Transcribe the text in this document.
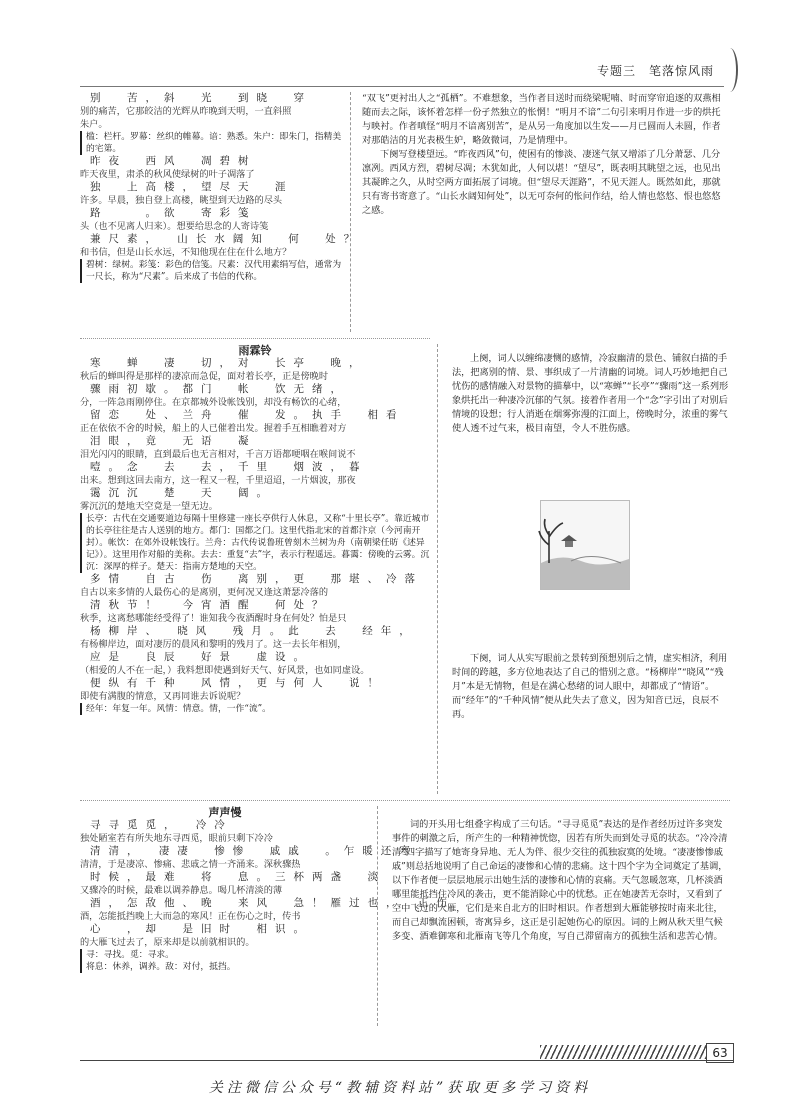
专题三　笔落惊风雨

别　苦，斜　光　到晓　穿

别的痛苦，它那皎洁的光辉从昨晚到天明，一直斜照

朱户。

槛：栏杆。罗幕：丝织的帷幕。谙：熟悉。朱户：即朱门，指精美的宅第。

昨夜　西风　凋碧树

昨天夜里，肃杀的秋风使绿树的叶子凋落了

独　上高楼，望尽天　涯

许多。早晨，独自登上高楼，眺望到天边路的尽头

路　　。欲　寄彩笺

头（也不见离人归来）。想要给思念的人寄诗笺

兼尺素，　山长水阔知　何　处？

和书信，但是山长水远，不知他现在住在什么地方？

碧树：绿树。彩笺：彩色的信笺。尺素：汉代用素绢写信，通常为一尺长，称为“尺素”。后来成了书信的代称。

“双飞”更衬出人之“孤栖”。不难想象，当作者目送时而绕梁呢喃、时而穿帘追逐的双燕相随而去之际，该怀着怎样一份孑然独立的怅惘！“明月不谙”二句引来明月作进一步的烘托与映衬。作者嗔怪“明月不谙离别苦”，是从另一角度加以生发——月已圆而人未圆，作者对那皓洁的月光表极生妒，略敛微词，乃是情理中。

下阕写登楼望远。“昨夜西风”句，使困有的惨淡、凄迷气氛又增添了几分萧瑟、几分凛冽。西风方烈，碧树尽凋；木犹如此，人何以堪！“望尽”，既表明其眺望之远，也见出其凝眸之久，从时空两方面拓展了词境。但“望尽天涯路”，不见天涯人。既然如此，那就只有寄书寄意了。“山长水阔知何处”，以无可奈何的怅问作结，给人情也悠悠、恨也悠悠之感。

雨霖铃

寒　蝉　凄　切，对　长亭　晚，

秋后的蝉叫得是那样的凄凉而急促，面对着长亭，正是傍晚时

骤雨初歇。都门　帐　饮无绪，

分，一阵急雨刚停住。在京都城外设帐饯别，却没有畅饮的心绪，

留恋　处、兰舟　催　发。执手　相看

正在依依不舍的时候，船上的人已催着出发。握着手互相瞧着对方

泪眼，竟　无语　凝

泪光闪闪的眼睛，直到最后也无言相对，千言万语都哽咽在喉间说不

噎。念　去　去，千里　烟波，暮

出来。想到这回去南方，这一程又一程，千里迢迢，一片烟波，那夜

霭沉沉　楚　天　阔。

雾沉沉的楚地天空竟是一望无边。

长亭：古代在交通要道边每隔十里修建一座长亭供行人休息，又称“十里长亭”。靠近城市的长亭往往是古人送别的地方。都门：国都之门。这里代指北宋的首都汴京（今河南开封）。帐饮：在郊外设帐饯行。兰舟：古代传说鲁班曾刻木兰树为舟（南朝梁任昉《述异记》）。这里用作对船的美称。去去：重复“去”字，表示行程遥远。暮霭：傍晚的云雾。沉沉：深厚的样子。楚天：指南方楚地的天空。

多情　自古　伤　离别，更　那堪、冷落

自古以来多情的人最伤心的是离别，更何况又逢这萧瑟冷落的

清秋节！　今宵酒醒　何处？

秋季，这离愁哪能经受得了！谁知我今夜酒醒时身在何处？怕是只

杨柳岸、　晓风　残月。此　去　经年，

有杨柳岸边，面对凄厉的晨风和黎明的残月了。这一去长年相别，

应是　良辰　好景　虚设。

（相爱的人不在一起，）我料想即使遇到好天气、好风景，也如同虚设。

便纵有千种　风情，更与何人　说！

即使有满腹的情意，又再同谁去诉说呢？

经年：年复一年。风情：情意。情，一作“流”。

上阕，词人以缠绵凄恻的感情，冷寂幽清的景色、铺叙白描的手法，把离别的情、景、事织成了一片清幽的词境。词人巧妙地把自己忧伤的感情融入对景物的描摹中，以“寒蝉”“长亭”“骤雨”这一系列形象烘托出一种凄冷沉郁的气氛。接着作者用一个“念”字引出了对别后情境的设想；行人消逝在烟雾弥漫的江面上，傍晚时分，浓重的雾气使人透不过气来，极目南望，令人不胜伤感。

下阕，词人从实写眼前之景转到预想别后之情，虚实相济，利用时间的跨越，多方位地表达了自己的惜别之意。“杨柳岸”“晓风”“残月”本是无情物，但是在满心愁绪的词人眼中，却都成了“情语”。而“经年”的“千种风情”便从此失去了意义，因为知音已远，良辰不再。

声声慢

寻寻觅觅，　冷冷

独处陋室若有所失地东寻西觅，眼前只剩下冷冷

清清，　凄凄　惨惨　戚戚　。乍暖还寒

清清，于是凄凉、惨痛、悲戚之情一齐涌来。深秋骤热

时候，最难　将　息。三杯两盏　淡

又骤冷的时候，最难以调养静息。喝几杯清淡的薄

酒，怎敌他、晚　来风　急！雁过也，　正伤

酒，怎能抵挡晚上大而急的寒风！正在伤心之时，传书

心　，却　是旧时　相识。

的大雁飞过去了，原来却是以前就相识的。

寻：寻找。觅：寻求。

将息：休养，调养。敌：对付，抵挡。

词的开头用七组叠字构成了三句话。“寻寻觅觅”表达的是作者经历过许多突发事件的刺激之后，所产生的一种精神恍惚，因若有所失而到处寻觅的状态。“冷冷清清”四字描写了她寄身异地、无人为伴、很少交往的孤独寂寞的处境。“凄凄惨惨戚戚”则总括地说明了自己命运的凄惨和心情的悲痛。这十四个字为全词奠定了基调，以下作者便一层层地展示出她生活的凄惨和心情的哀痛。天气忽暖忽寒，几杯淡酒哪里能抵挡住冷风的袭击，更不能消除心中的忧愁。正在她凄苦无奈时，又看到了空中飞过的大雁，它们是来自北方的旧时相识。作者想到大雁能够按时南来北往，而自己却飘流困顿，寄寓异乡，这正是引起她伤心的原因。词的上阙从秋天里气候多变、酒难御寒和北雁南飞等几个角度，写自己滞留南方的孤独生活和悲苦心情。

63
关注微信公众号“教辅资料站”获取更多学习资料
